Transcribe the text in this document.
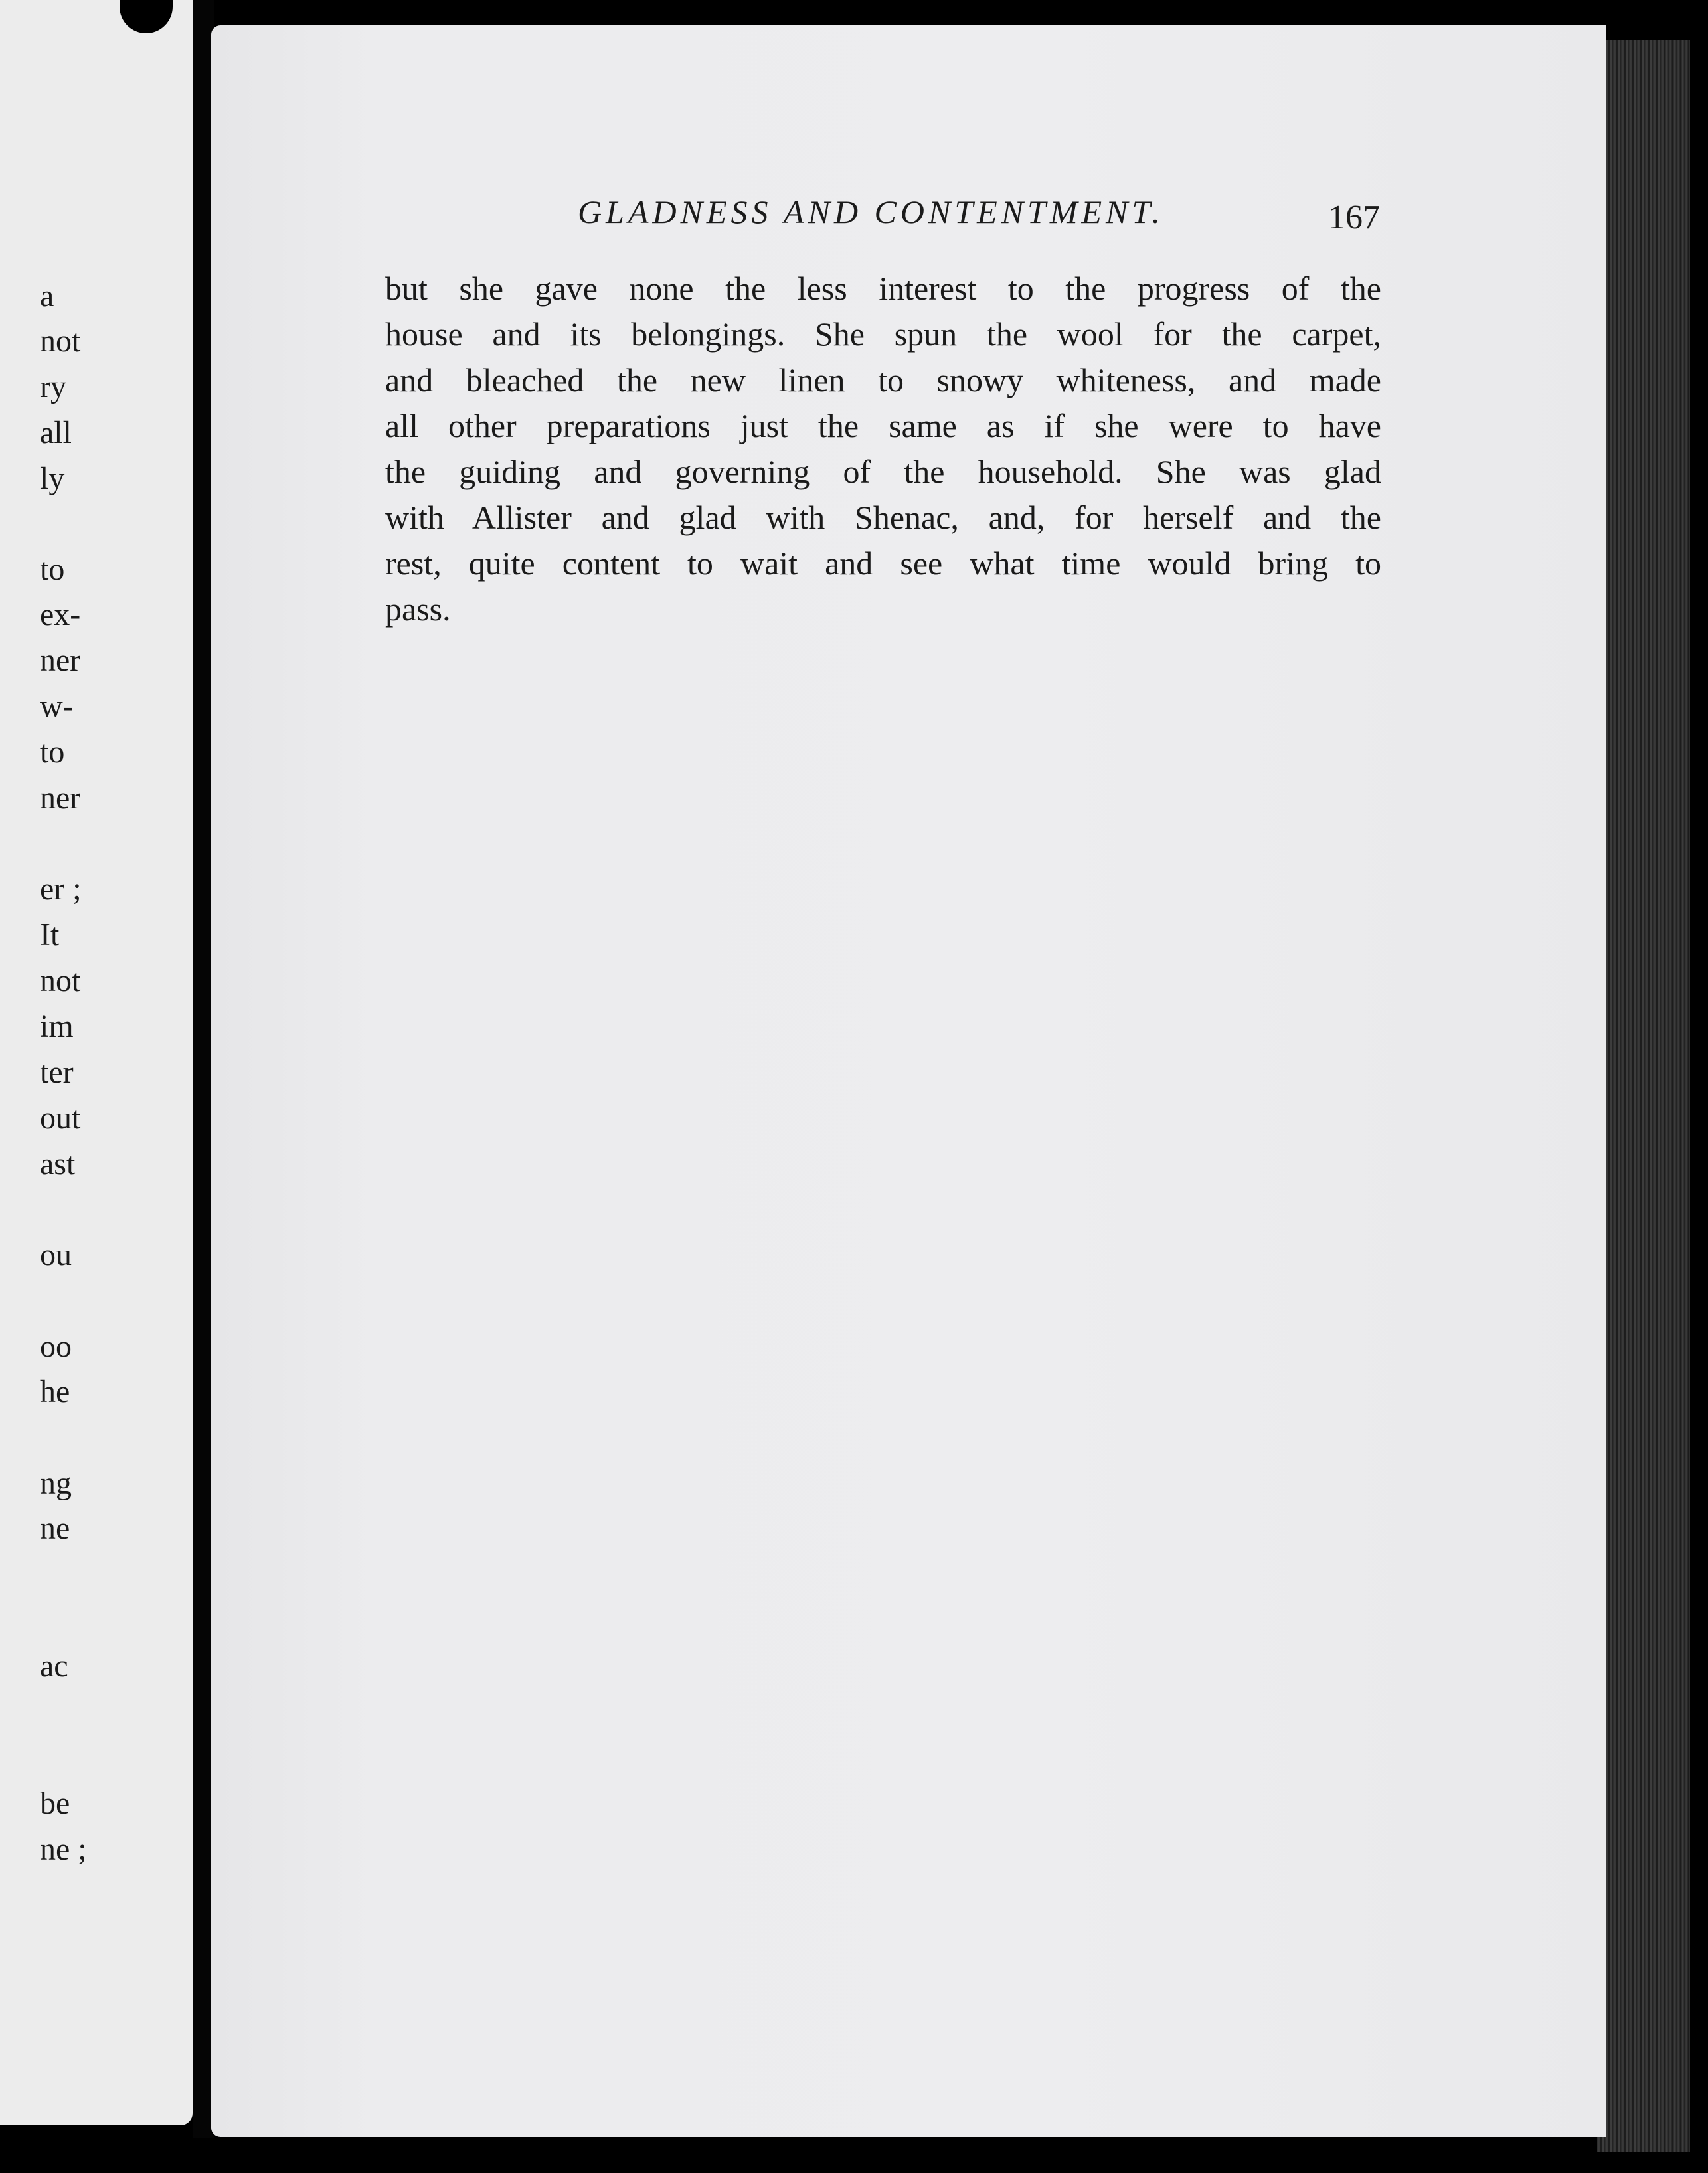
a
not
ry
all
ly
to
ex-
ner
w-
to
ner
er ;
It
not
im
ter
out
ast
ou
oo
he
ng
ne
ac
be
ne ;
GLADNESS AND CONTENTMENT.	167
but she gave none the less interest to the progress of the
house and its belongings. She spun the wool for the carpet,
and bleached the new linen to snowy whiteness, and made
all other preparations just the same as if she were to have
the guiding and governing of the household. She was glad
with Allister and glad with Shenac, and, for herself and the
rest, quite content to wait and see what time would bring to
pass.
